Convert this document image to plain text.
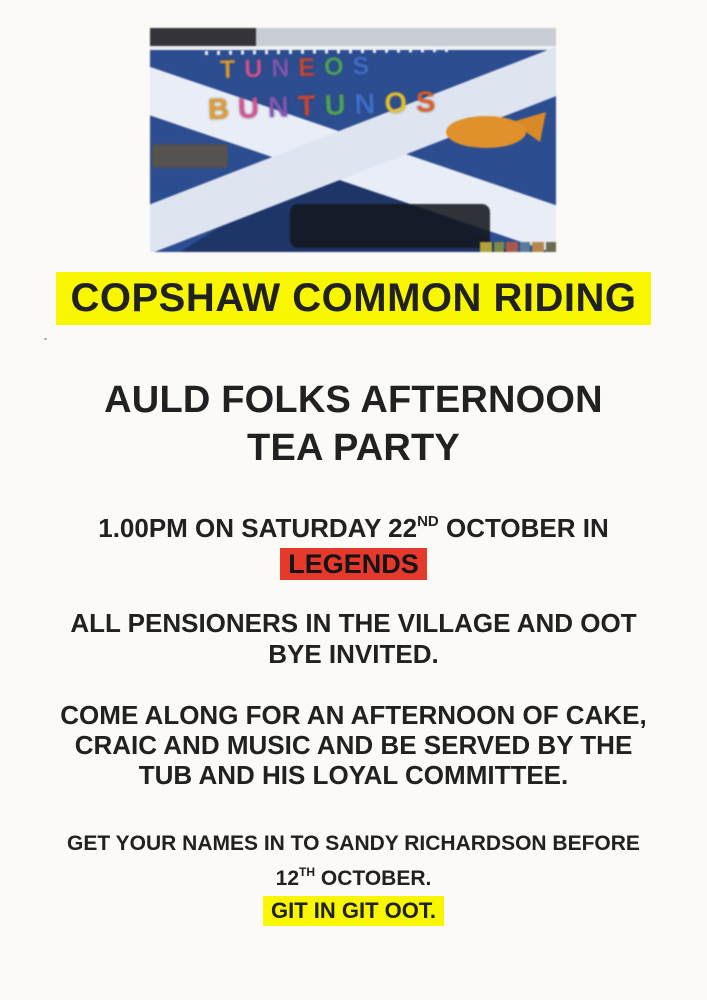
TUNEOS
BUNTUNOS
COPSHAW COMMON RIDING
AULD FOLKS AFTERNOON
TEA PARTY
1.00PM ON SATURDAY 22ND OCTOBER IN
LEGENDS
ALL PENSIONERS IN THE VILLAGE AND OOT
BYE INVITED.
COME ALONG FOR AN AFTERNOON OF CAKE,
CRAIC AND MUSIC AND BE SERVED BY THE
TUB AND HIS LOYAL COMMITTEE.
GET YOUR NAMES IN TO SANDY RICHARDSON BEFORE
12TH OCTOBER.
GIT IN GIT OOT.
